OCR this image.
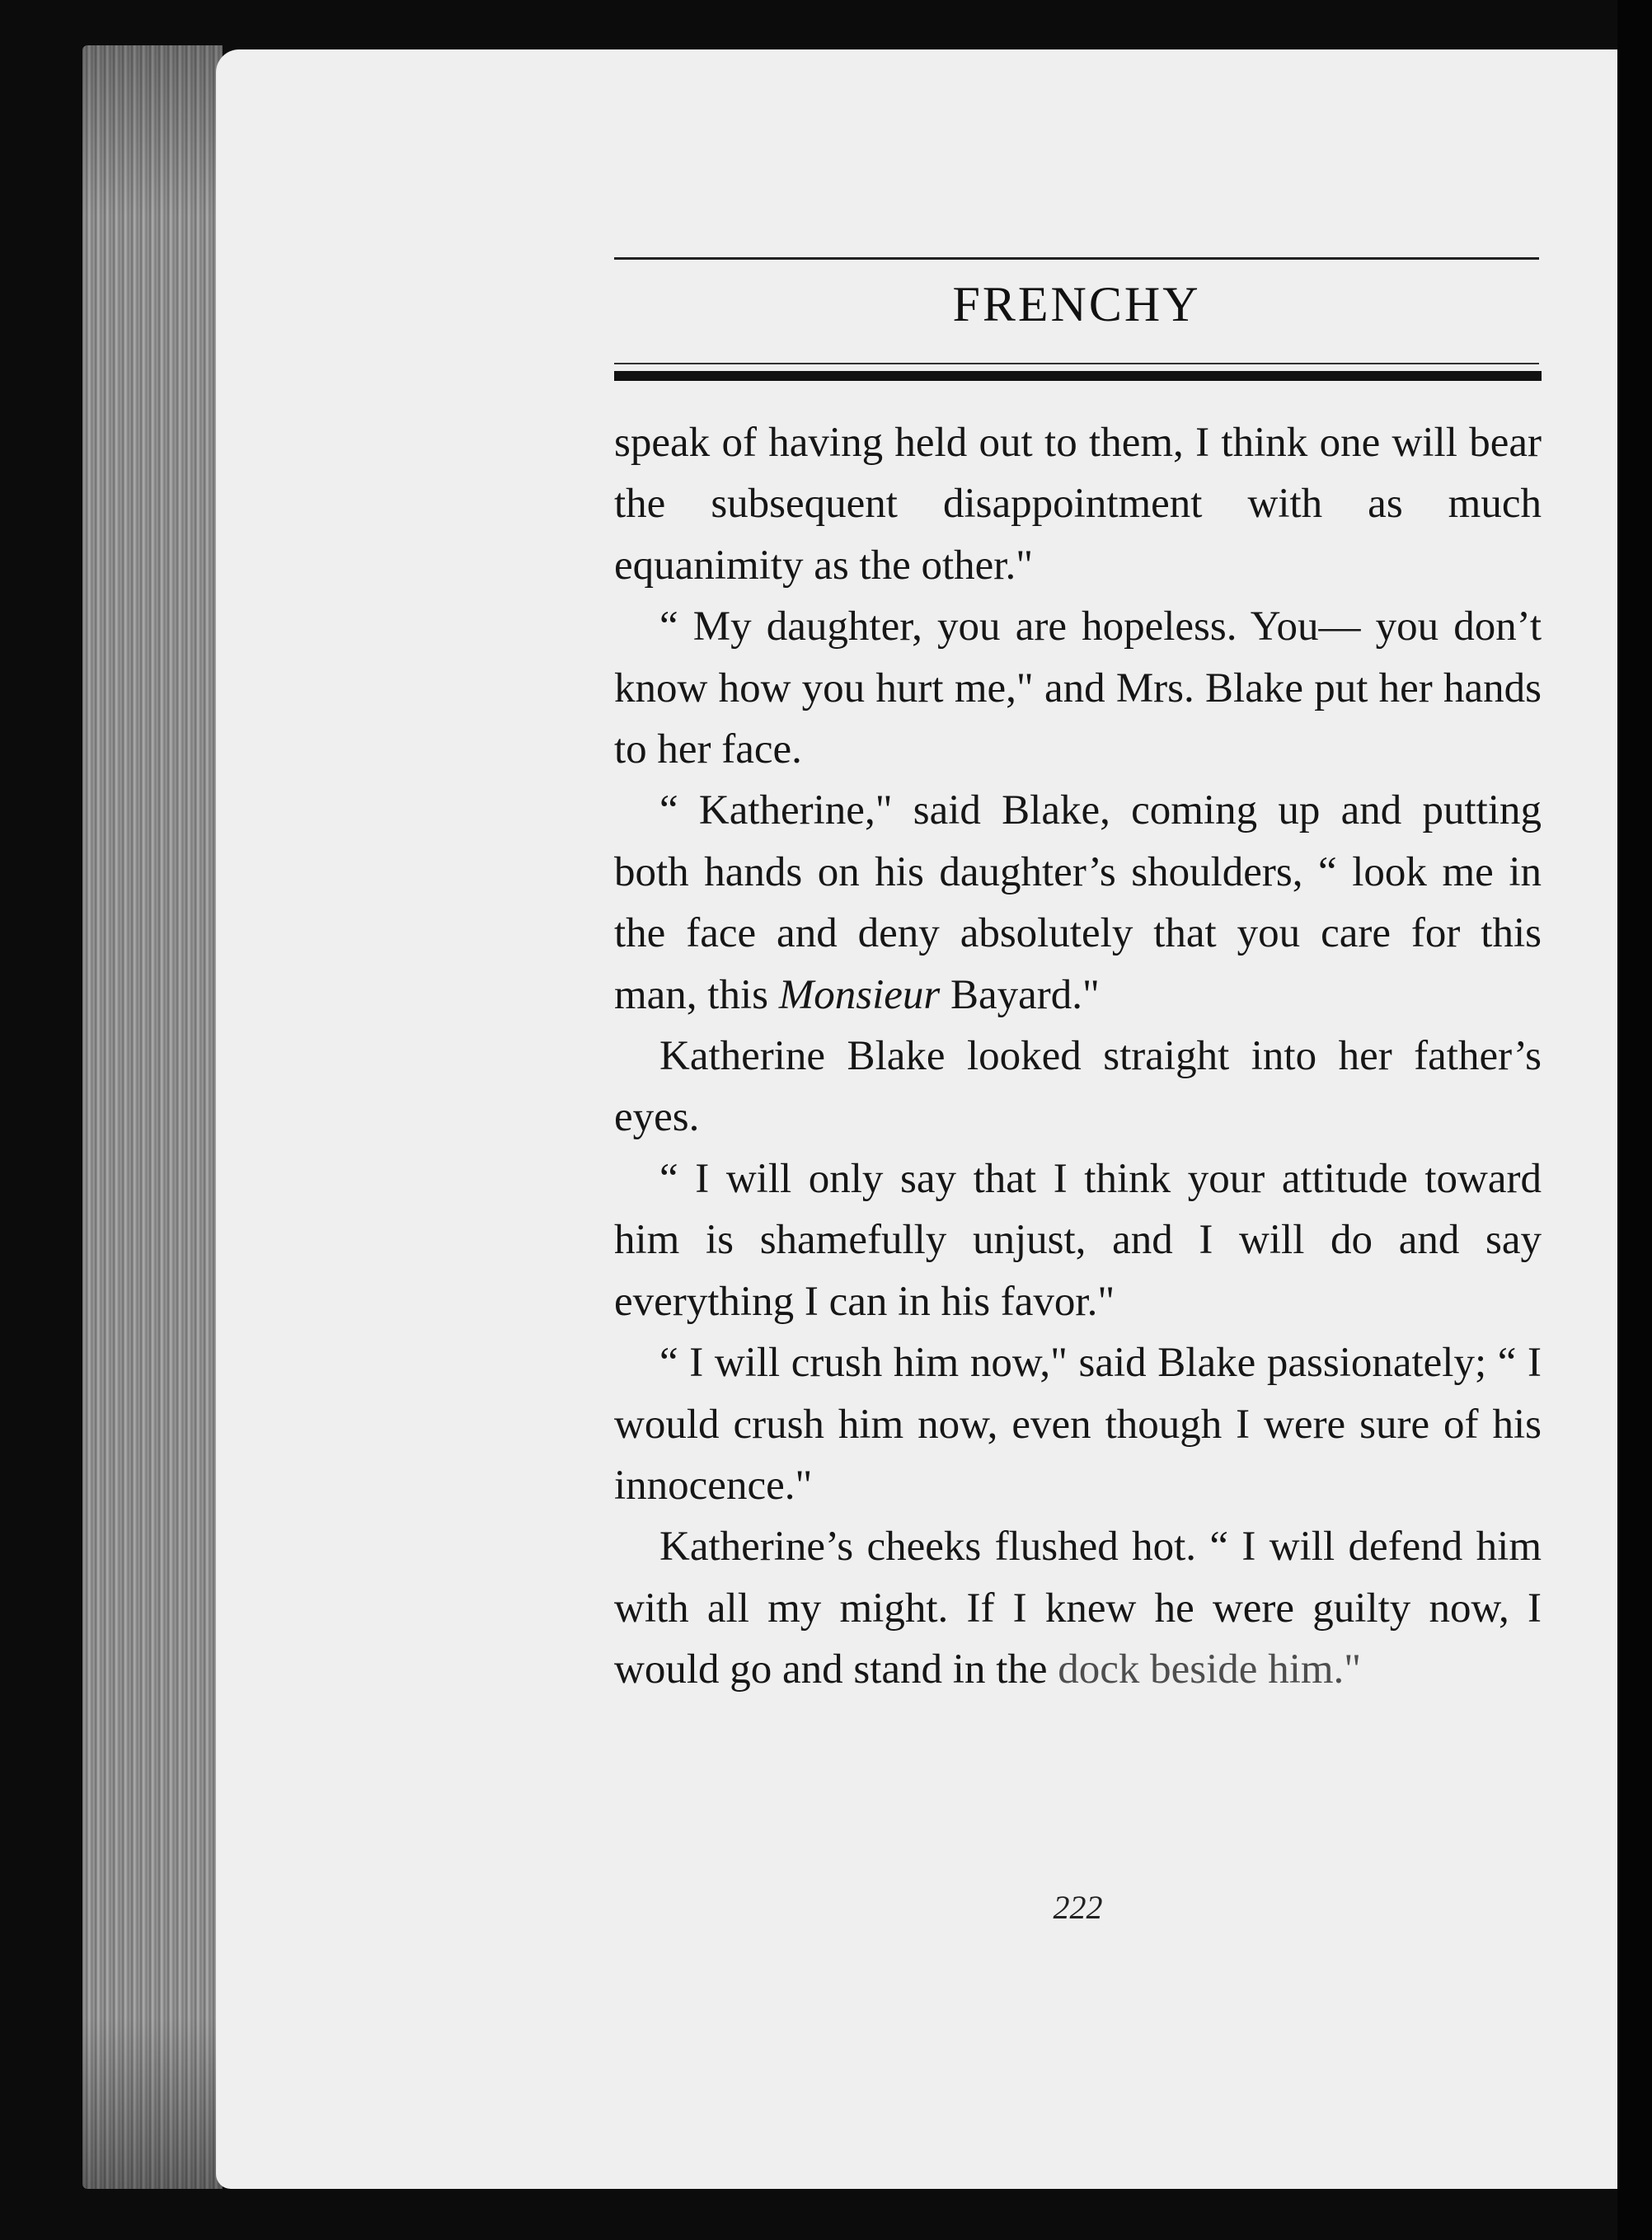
FRENCHY

speak of having held out to them, I think one will bear the subsequent disappointment with as much equanimity as the other."

“ My daughter, you are hopeless. You— you don’t know how you hurt me," and Mrs. Blake put her hands to her face.

“ Katherine," said Blake, coming up and putting both hands on his daughter’s shoulders, “ look me in the face and deny absolutely that you care for this man, this Monsieur Bayard."

Katherine Blake looked straight into her father’s eyes.

“ I will only say that I think your attitude toward him is shamefully unjust, and I will do and say everything I can in his favor."

“ I will crush him now," said Blake passionately; “ I would crush him now, even though I were sure of his innocence."

Katherine’s cheeks flushed hot. “ I will defend him with all my might. If I knew he were guilty now, I would go and stand in the dock beside him."

222
